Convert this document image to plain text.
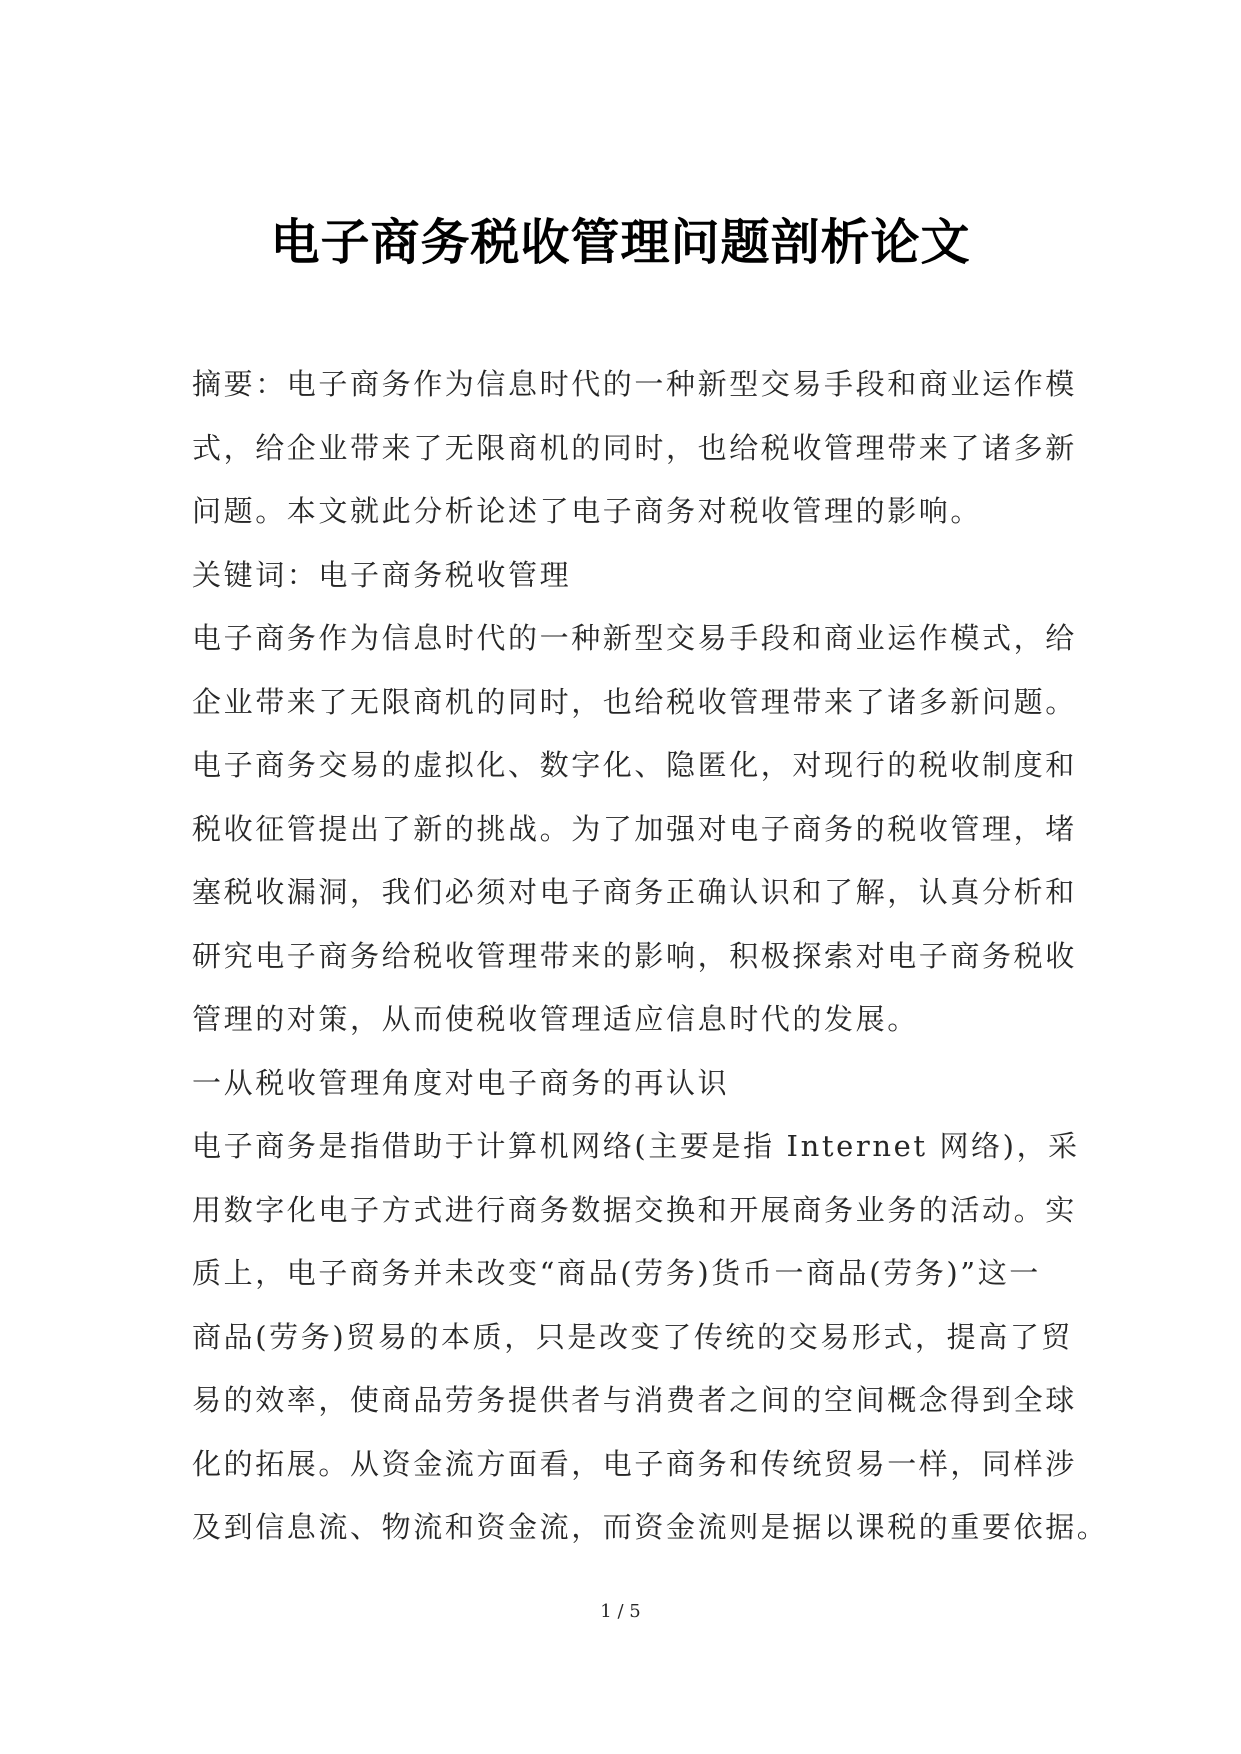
电子商务税收管理问题剖析论文
摘要：电子商务作为信息时代的一种新型交易手段和商业运作模
式，给企业带来了无限商机的同时，也给税收管理带来了诸多新
问题。本文就此分析论述了电子商务对税收管理的影响。
关键词：电子商务税收管理
电子商务作为信息时代的一种新型交易手段和商业运作模式，给
企业带来了无限商机的同时，也给税收管理带来了诸多新问题。
电子商务交易的虚拟化、数字化、隐匿化，对现行的税收制度和
税收征管提出了新的挑战。为了加强对电子商务的税收管理，堵
塞税收漏洞，我们必须对电子商务正确认识和了解，认真分析和
研究电子商务给税收管理带来的影响，积极探索对电子商务税收
管理的对策，从而使税收管理适应信息时代的发展。
一从税收管理角度对电子商务的再认识
电子商务是指借助于计算机网络(主要是指 Internet 网络)，采
用数字化电子方式进行商务数据交换和开展商务业务的活动。实
质上，电子商务并未改变“商品(劳务)货币一商品(劳务)”这一
商品(劳务)贸易的本质，只是改变了传统的交易形式，提高了贸
易的效率，使商品劳务提供者与消费者之间的空间概念得到全球
化的拓展。从资金流方面看，电子商务和传统贸易一样，同样涉
及到信息流、物流和资金流，而资金流则是据以课税的重要依据。
1 / 5
